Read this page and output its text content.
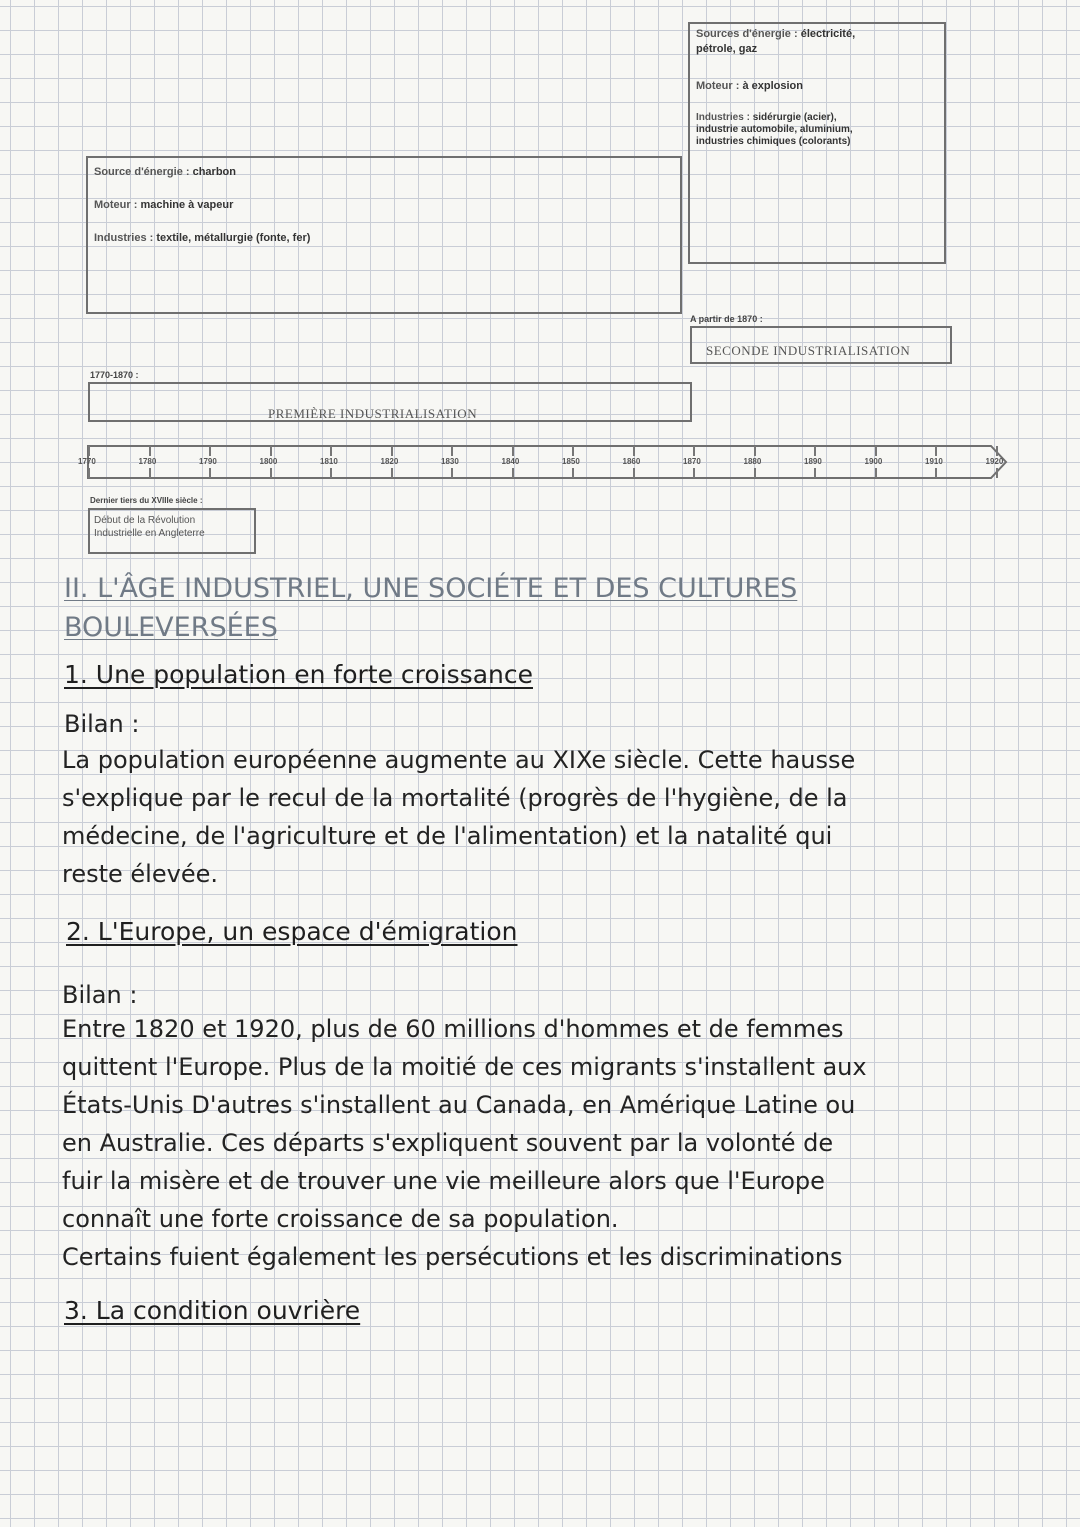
Sources d'énergie : électricité,
pétrole, gaz
Moteur : à explosion
Industries : sidérurgie (acier),
industrie automobile, aluminium,
industries chimiques (colorants)
Source d'énergie : charbon
Moteur : machine à vapeur
Industries : textile, métallurgie (fonte, fer)
A partir de 1870 :
SECONDE INDUSTRIALISATION
1770-1870 :
PREMIÈRE INDUSTRIALISATION
1770	1780	1790	1800	1810	1820	1830	1840	1850	1860	1870	1880	1890	1900	1910	1920
Dernier tiers du XVIIIe siècle :
Début de la Révolution
Industrielle en Angleterre
II. L'ÂGE INDUSTRIEL, UNE SOCIÉTE ET DES CULTURES
BOULEVERSÉES
1. Une population en forte croissance
Bilan :
La population européenne augmente au XIXe siècle. Cette hausse
s'explique par le recul de la mortalité (progrès de l'hygiène, de la
médecine, de l'agriculture et de l'alimentation) et la natalité qui
reste élevée.
2. L'Europe, un espace d'émigration
Bilan :
Entre 1820 et 1920, plus de 60 millions d'hommes et de femmes
quittent l'Europe. Plus de la moitié de ces migrants s'installent aux
États-Unis D'autres s'installent au Canada, en Amérique Latine ou
en Australie. Ces départs s'expliquent souvent par la volonté de
fuir la misère et de trouver une vie meilleure alors que l'Europe
connaît une forte croissance de sa population.
Certains fuient également les persécutions et les discriminations
3. La condition ouvrière
